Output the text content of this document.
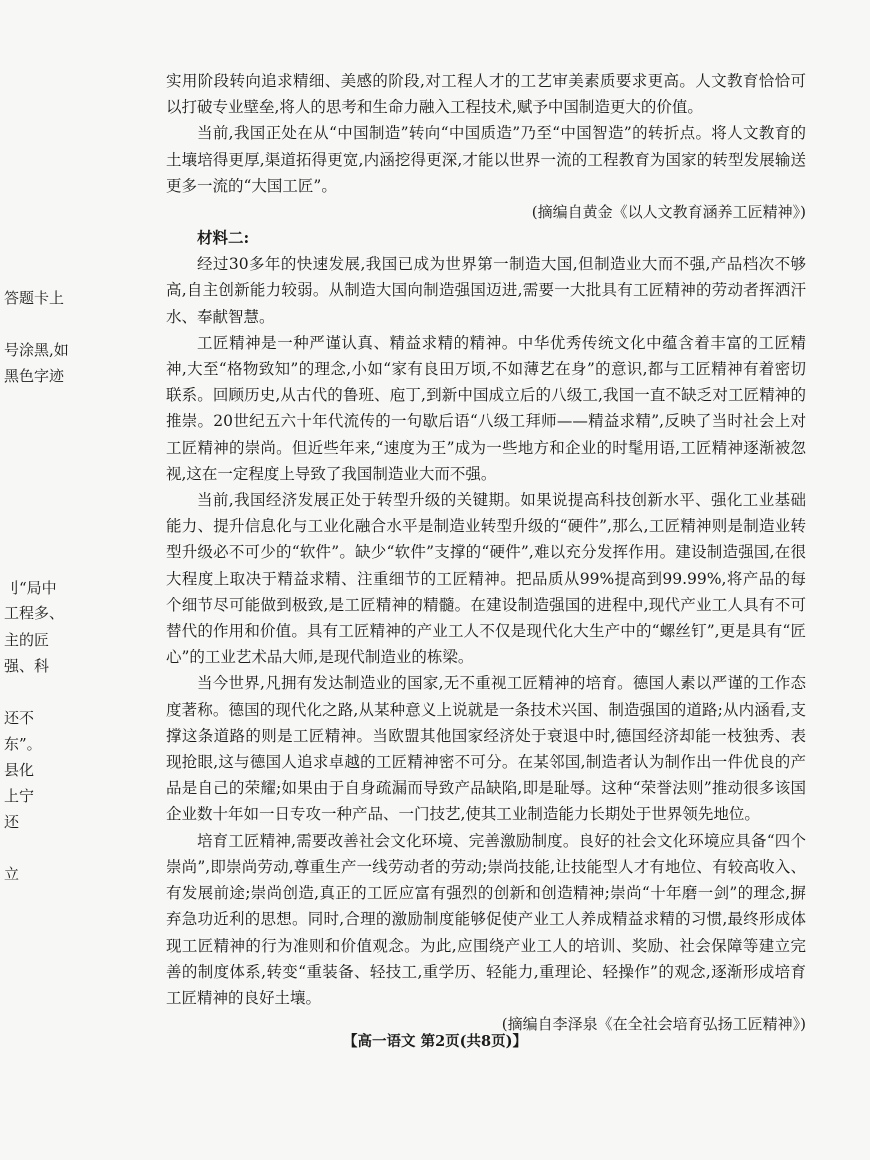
答题卡上
号涂黑,如
黑色字迹
刂“局中
工程多、
主的匠
强、科
还不
东”。
县化
上宁
还
立

实用阶段转向追求精细、美感的阶段,对工程人才的工艺审美素质要求更高。人文教育恰恰可以打破专业壁垒,将人的思考和生命力融入工程技术,赋予中国制造更大的价值。

当前,我国正处在从“中国制造”转向“中国质造”乃至“中国智造”的转折点。将人文教育的土壤培得更厚,渠道拓得更宽,内涵挖得更深,才能以世界一流的工程教育为国家的转型发展输送更多一流的“大国工匠”。

(摘编自黄金《以人文教育涵养工匠精神》)

材料二:

经过30多年的快速发展,我国已成为世界第一制造大国,但制造业大而不强,产品档次不够高,自主创新能力较弱。从制造大国向制造强国迈进,需要一大批具有工匠精神的劳动者挥洒汗水、奉献智慧。

工匠精神是一种严谨认真、精益求精的精神。中华优秀传统文化中蕴含着丰富的工匠精神,大至“格物致知”的理念,小如“家有良田万顷,不如薄艺在身”的意识,都与工匠精神有着密切联系。回顾历史,从古代的鲁班、庖丁,到新中国成立后的八级工,我国一直不缺乏对工匠精神的推崇。20世纪五六十年代流传的一句歇后语“八级工拜师——精益求精”,反映了当时社会上对工匠精神的崇尚。但近些年来,“速度为王”成为一些地方和企业的时髦用语,工匠精神逐渐被忽视,这在一定程度上导致了我国制造业大而不强。

当前,我国经济发展正处于转型升级的关键期。如果说提高科技创新水平、强化工业基础能力、提升信息化与工业化融合水平是制造业转型升级的“硬件”,那么,工匠精神则是制造业转型升级必不可少的“软件”。缺少“软件”支撑的“硬件”,难以充分发挥作用。建设制造强国,在很大程度上取决于精益求精、注重细节的工匠精神。把品质从99%提高到99.99%,将产品的每个细节尽可能做到极致,是工匠精神的精髓。在建设制造强国的进程中,现代产业工人具有不可替代的作用和价值。具有工匠精神的产业工人不仅是现代化大生产中的“螺丝钉”,更是具有“匠心”的工业艺术品大师,是现代制造业的栋梁。

当今世界,凡拥有发达制造业的国家,无不重视工匠精神的培育。德国人素以严谨的工作态度著称。德国的现代化之路,从某种意义上说就是一条技术兴国、制造强国的道路;从内涵看,支撑这条道路的则是工匠精神。当欧盟其他国家经济处于衰退中时,德国经济却能一枝独秀、表现抢眼,这与德国人追求卓越的工匠精神密不可分。在某邻国,制造者认为制作出一件优良的产品是自己的荣耀;如果由于自身疏漏而导致产品缺陷,即是耻辱。这种“荣誉法则”推动很多该国企业数十年如一日专攻一种产品、一门技艺,使其工业制造能力长期处于世界领先地位。

培育工匠精神,需要改善社会文化环境、完善激励制度。良好的社会文化环境应具备“四个崇尚”,即崇尚劳动,尊重生产一线劳动者的劳动;崇尚技能,让技能型人才有地位、有较高收入、有发展前途;崇尚创造,真正的工匠应富有强烈的创新和创造精神;崇尚“十年磨一剑”的理念,摒弃急功近利的思想。同时,合理的激励制度能够促使产业工人养成精益求精的习惯,最终形成体现工匠精神的行为准则和价值观念。为此,应围绕产业工人的培训、奖励、社会保障等建立完善的制度体系,转变“重装备、轻技工,重学历、轻能力,重理论、轻操作”的观念,逐渐形成培育工匠精神的良好土壤。

(摘编自李泽泉《在全社会培育弘扬工匠精神》)

【高一语文 第2页(共8页)】
